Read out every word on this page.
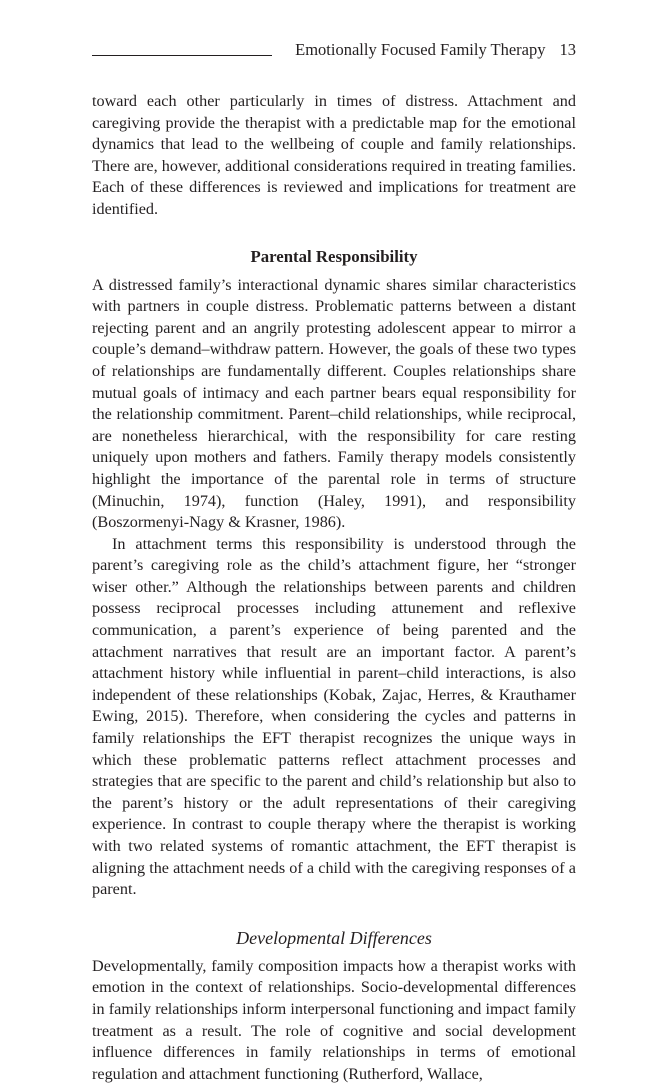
Emotionally Focused Family Therapy 13

toward each other particularly in times of distress. Attachment and caregiving provide the therapist with a predictable map for the emotional dynamics that lead to the wellbeing of couple and family relationships. There are, however, additional considerations required in treating families. Each of these differences is reviewed and implications for treatment are identified.

Parental Responsibility

A distressed family’s interactional dynamic shares similar characteristics with partners in couple distress. Problematic patterns between a distant rejecting parent and an angrily protesting adolescent appear to mirror a couple’s demand–withdraw pattern. However, the goals of these two types of relationships are fundamentally different. Couples relationships share mutual goals of intimacy and each partner bears equal responsibility for the relationship commitment. Parent–child relationships, while reciprocal, are nonetheless hierarchical, with the responsibility for care resting uniquely upon mothers and fathers. Family therapy models consistently highlight the importance of the parental role in terms of structure (Minuchin, 1974), function (Haley, 1991), and responsibility (Boszormenyi-Nagy & Krasner, 1986).

In attachment terms this responsibility is understood through the parent’s caregiving role as the child’s attachment figure, her “stronger wiser other.” Although the relationships between parents and children possess reciprocal processes including attunement and reflexive communication, a parent’s experience of being parented and the attachment narratives that result are an important factor. A parent’s attachment history while influential in parent–child interactions, is also independent of these relationships (Kobak, Zajac, Herres, & Krauthamer Ewing, 2015). Therefore, when considering the cycles and patterns in family relationships the EFT therapist recognizes the unique ways in which these problematic patterns reflect attachment processes and strategies that are specific to the parent and child’s relationship but also to the parent’s history or the adult representations of their caregiving experience. In contrast to couple therapy where the therapist is working with two related systems of romantic attachment, the EFT therapist is aligning the attachment needs of a child with the caregiving responses of a parent.

Developmental Differences

Developmentally, family composition impacts how a therapist works with emotion in the context of relationships. Socio-developmental differences in family relationships inform interpersonal functioning and impact family treatment as a result. The role of cognitive and social development influence differences in family relationships in terms of emotional regulation and attachment functioning (Rutherford, Wallace,
